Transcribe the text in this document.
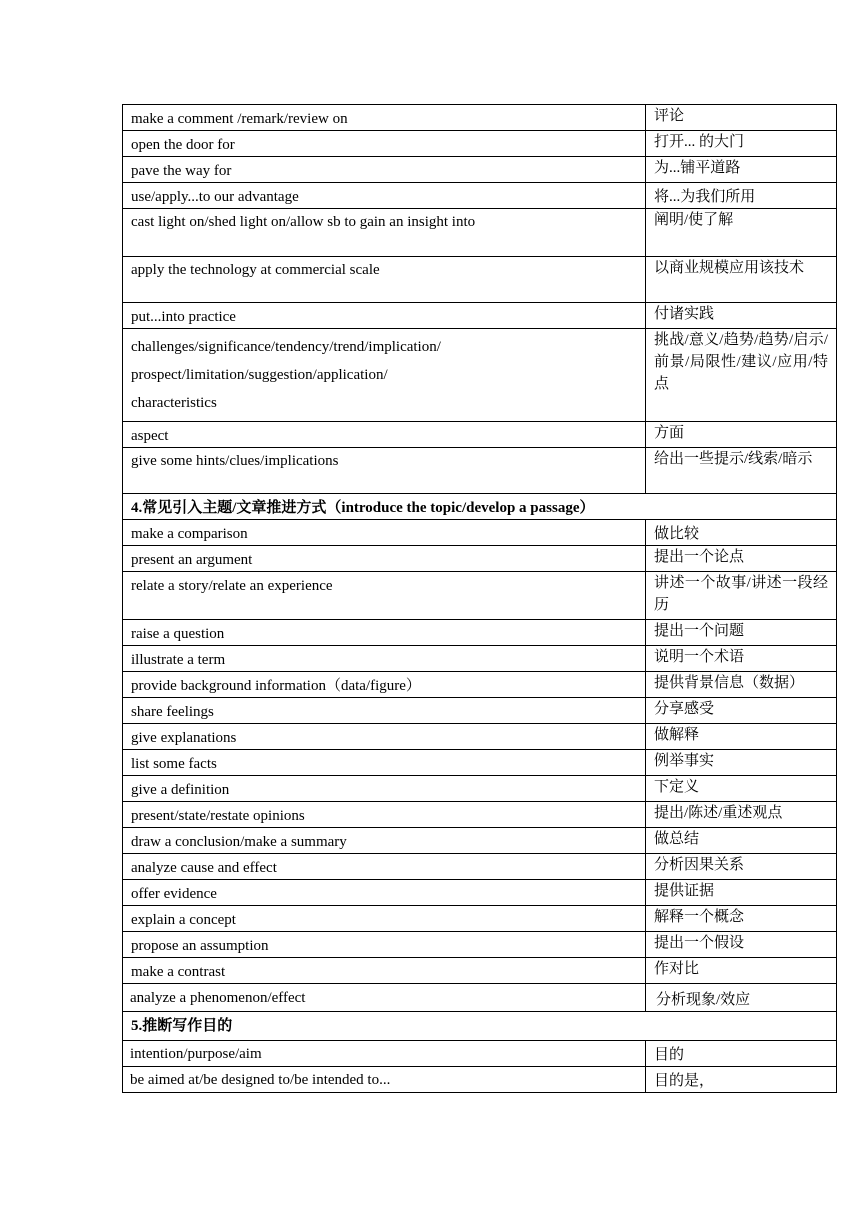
make a comment /remark/review on	评论

open the door for	打开... 的大门

pave the way for	为...铺平道路

use/apply...to our advantage	将...为我们所用

cast light on/shed light on/allow sb to gain an insight into	阐明/使了解

apply the technology at commercial scale	以商业规模应用该技术

put...into practice	付诸实践

challenges/significance/tendency/trend/implication/
prospect/limitation/suggestion/application/
characteristics	挑战/意义/趋势/趋势/启示/前景/局限性/建议/应用/特点

aspect	方面

give some hints/clues/implications	给出一些提示/线索/暗示

4.常见引入主题/文章推进方式（introduce the topic/develop a passage）	

make a comparison	做比较

present an argument	提出一个论点

relate a story/relate an experience	讲述一个故事/讲述一段经历

raise a question	提出一个问题

illustrate a term	说明一个术语

provide background information（data/figure）	提供背景信息（数据）

share feelings	分享感受

give explanations	做解释

list some facts	例举事实

give a definition	下定义

present/state/restate opinions	提出/陈述/重述观点

draw a conclusion/make a summary	做总结

analyze cause and effect	分析因果关系

offer evidence	提供证据

explain a concept	解释一个概念

propose an assumption	提出一个假设

make a contrast	作对比

analyze a phenomenon/effect	分析现象/效应

5.推断写作目的	

intention/purpose/aim	目的

be aimed at/be designed to/be intended to...	目的是，
